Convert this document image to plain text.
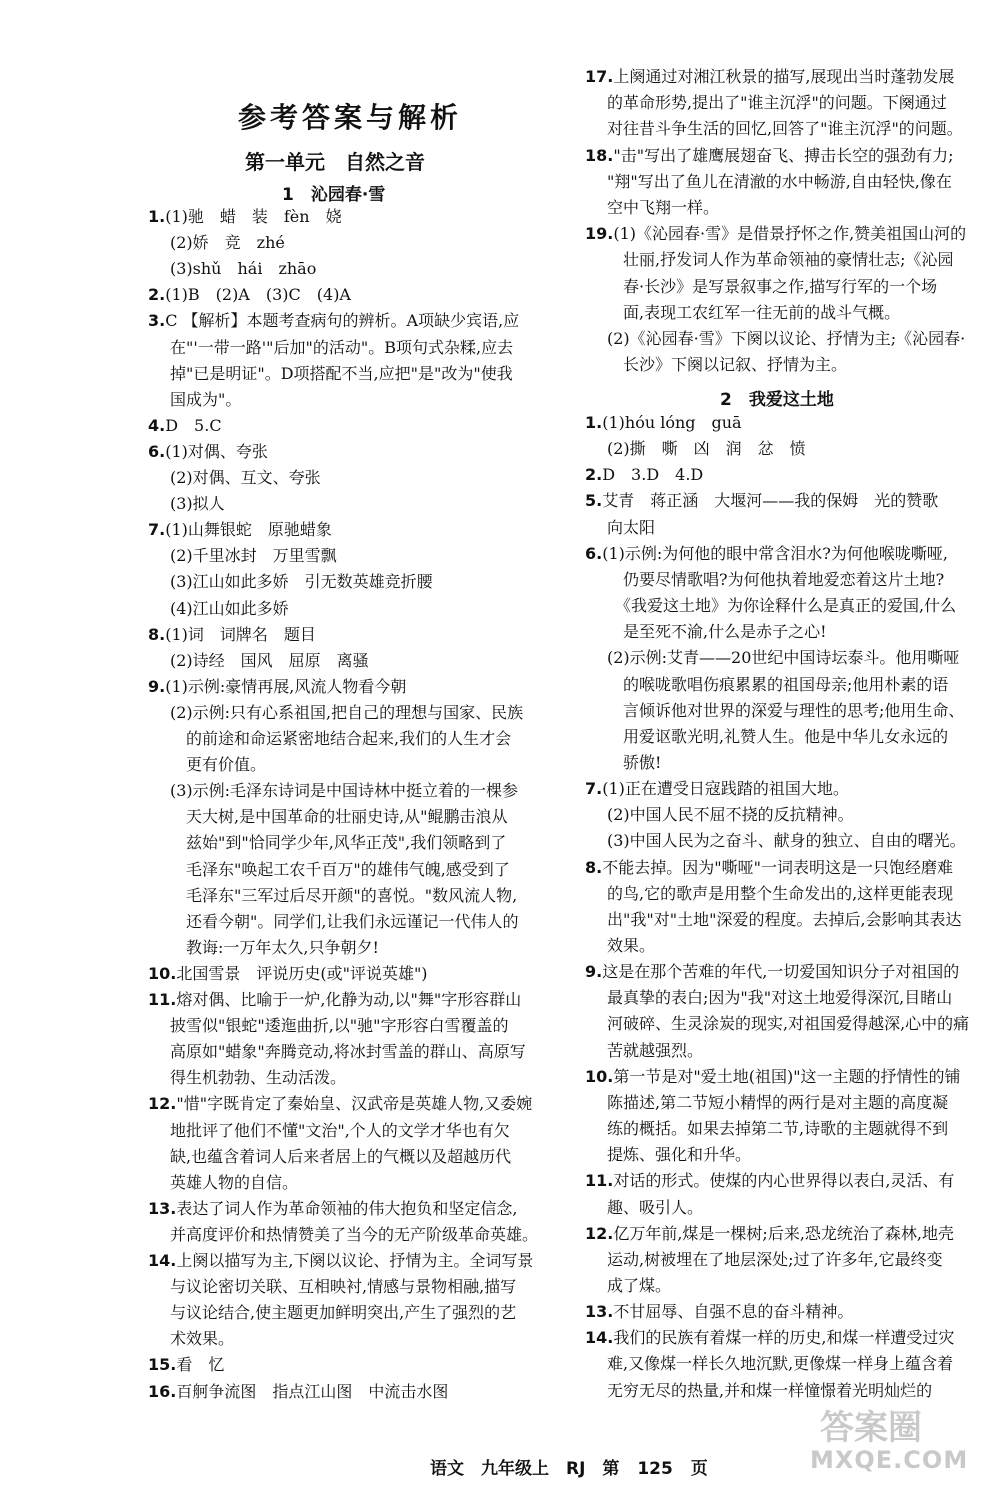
参考答案与解析
第一单元　自然之音
1　沁园春·雪
1.(1)驰　蜡　装　fèn　娆
(2)娇　竞　zhé
(3)shǔ　hái　zhāo
2.(1)B　(2)A　(3)C　(4)A
3.C 【解析】本题考查病句的辨析。A项缺少宾语,应
在"'一带一路'"后加"的活动"。B项句式杂糅,应去
掉"已是明证"。D项搭配不当,应把"是"改为"使我
国成为"。
4.D　5.C
6.(1)对偶、夸张
(2)对偶、互文、夸张
(3)拟人
7.(1)山舞银蛇　原驰蜡象
(2)千里冰封　万里雪飘
(3)江山如此多娇　引无数英雄竞折腰
(4)江山如此多娇
8.(1)词　词牌名　题目
(2)诗经　国风　屈原　离骚
9.(1)示例:豪情再展,风流人物看今朝
(2)示例:只有心系祖国,把自己的理想与国家、民族
　的前途和命运紧密地结合起来,我们的人生才会
　更有价值。
(3)示例:毛泽东诗词是中国诗林中挺立着的一棵参
　天大树,是中国革命的壮丽史诗,从"鲲鹏击浪从
　兹始"到"恰同学少年,风华正茂",我们领略到了
　毛泽东"唤起工农千百万"的雄伟气魄,感受到了
　毛泽东"三军过后尽开颜"的喜悦。"数风流人物,
　还看今朝"。同学们,让我们永远谨记一代伟人的
　教诲:一万年太久,只争朝夕!
10.北国雪景　评说历史(或"评说英雄")
11.熔对偶、比喻于一炉,化静为动,以"舞"字形容群山
披雪似"银蛇"逶迤曲折,以"驰"字形容白雪覆盖的
高原如"蜡象"奔腾竞动,将冰封雪盖的群山、高原写
得生机勃勃、生动活泼。
12."惜"字既肯定了秦始皇、汉武帝是英雄人物,又委婉
地批评了他们不懂"文治",个人的文学才华也有欠
缺,也蕴含着词人后来者居上的气概以及超越历代
英雄人物的自信。
13.表达了词人作为革命领袖的伟大抱负和坚定信念,
并高度评价和热情赞美了当今的无产阶级革命英雄。
14.上阕以描写为主,下阕以议论、抒情为主。全词写景
与议论密切关联、互相映衬,情感与景物相融,描写
与议论结合,使主题更加鲜明突出,产生了强烈的艺
术效果。
15.看　忆
16.百舸争流图　指点江山图　中流击水图
17.上阕通过对湘江秋景的描写,展现出当时蓬勃发展
的革命形势,提出了"谁主沉浮"的问题。下阕通过
对往昔斗争生活的回忆,回答了"谁主沉浮"的问题。
18."击"写出了雄鹰展翅奋飞、搏击长空的强劲有力;
"翔"写出了鱼儿在清澈的水中畅游,自由轻快,像在
空中飞翔一样。
19.(1)《沁园春·雪》是借景抒怀之作,赞美祖国山河的
　壮丽,抒发词人作为革命领袖的豪情壮志;《沁园
　春·长沙》是写景叙事之作,描写行军的一个场
　面,表现工农红军一往无前的战斗气概。
(2)《沁园春·雪》下阕以议论、抒情为主;《沁园春·
　长沙》下阕以记叙、抒情为主。
2　我爱这土地
1.(1)hóu lóng　guā
(2)撕　嘶　凶　润　忿　愤
2.D　3.D　4.D
5.艾青　蒋正涵　大堰河——我的保姆　光的赞歌
向太阳
6.(1)示例:为何他的眼中常含泪水?为何他喉咙嘶哑,
　仍要尽情歌唱?为何他执着地爱恋着这片土地?
　《我爱这土地》为你诠释什么是真正的爱国,什么
　是至死不渝,什么是赤子之心!
(2)示例:艾青——20世纪中国诗坛泰斗。他用嘶哑
　的喉咙歌唱伤痕累累的祖国母亲;他用朴素的语
　言倾诉他对世界的深爱与理性的思考;他用生命、
　用爱讴歌光明,礼赞人生。他是中华儿女永远的
　骄傲!
7.(1)正在遭受日寇践踏的祖国大地。
(2)中国人民不屈不挠的反抗精神。
(3)中国人民为之奋斗、献身的独立、自由的曙光。
8.不能去掉。因为"嘶哑"一词表明这是一只饱经磨难
的鸟,它的歌声是用整个生命发出的,这样更能表现
出"我"对"土地"深爱的程度。去掉后,会影响其表达
效果。
9.这是在那个苦难的年代,一切爱国知识分子对祖国的
最真挚的表白;因为"我"对这土地爱得深沉,目睹山
河破碎、生灵涂炭的现实,对祖国爱得越深,心中的痛
苦就越强烈。
10.第一节是对"爱土地(祖国)"这一主题的抒情性的铺
陈描述,第二节短小精悍的两行是对主题的高度凝
练的概括。如果去掉第二节,诗歌的主题就得不到
提炼、强化和升华。
11.对话的形式。使煤的内心世界得以表白,灵活、有
趣、吸引人。
12.亿万年前,煤是一棵树;后来,恐龙统治了森林,地壳
运动,树被埋在了地层深处;过了许多年,它最终变
成了煤。
13.不甘屈辱、自强不息的奋斗精神。
14.我们的民族有着煤一样的历史,和煤一样遭受过灾
难,又像煤一样长久地沉默,更像煤一样身上蕴含着
无穷无尽的热量,并和煤一样憧憬着光明灿烂的
语文　九年级上　RJ　第 125 页
答案圈
MXQE.COM
